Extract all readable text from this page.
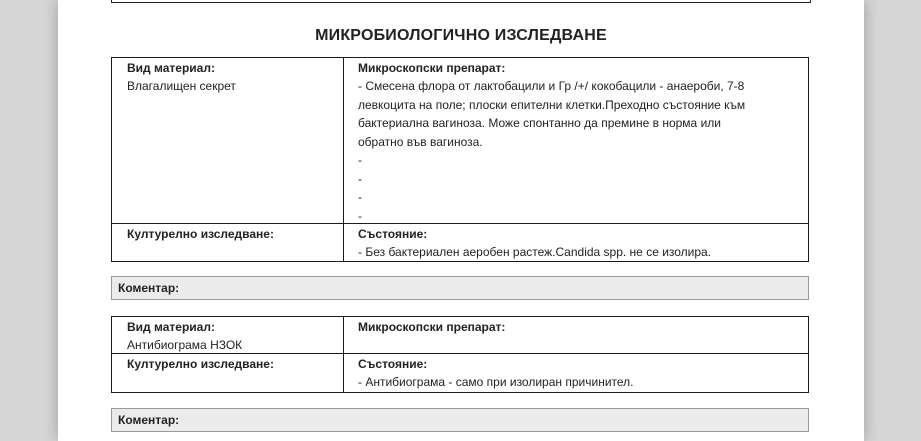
МИКРОБИОЛОГИЧНО ИЗСЛЕДВАНЕ
Вид материал:
Влагалищен секрет
Микроскопски препарат:
- Смесена флора от лактобацили и Гр /+/ кокобацили - анаероби, 7-8
левкоцита на поле; плоски епителни клетки.Преходно състояние към
бактериална вагиноза. Може спонтанно да премине в норма или
обратно във вагиноза.
-
-
-
-
Културелно изследване:	Състояние:
- Без бактериален аеробен растеж.Candida spp. не се изолира.
Коментар:
Вид материал:
Антибиограма НЗОК
Микроскопски препарат:
Културелно изследване:	Състояние:
- Антибиограма - само при изолиран причинител.
Коментар:
